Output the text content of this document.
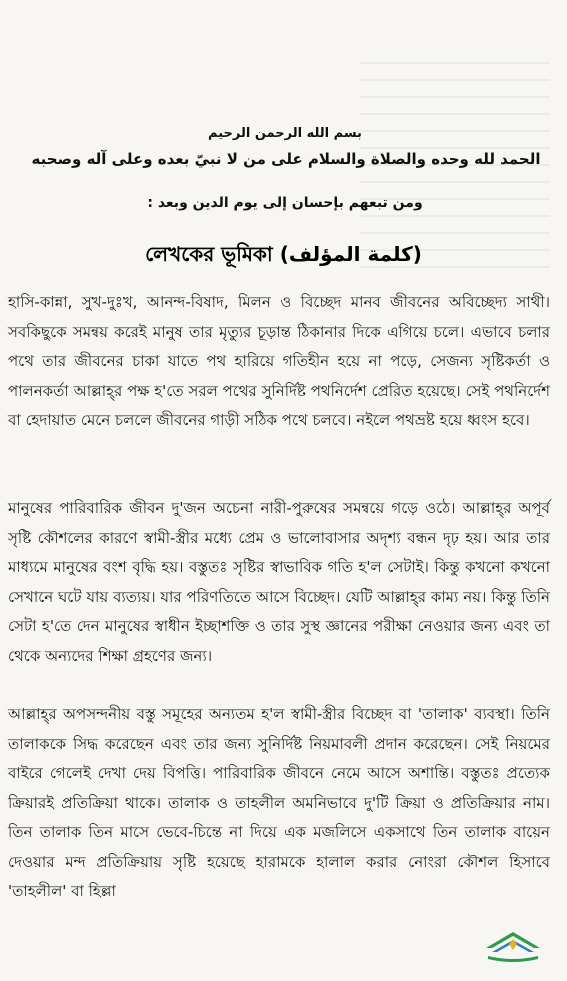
بسم الله الرحمن الرحيم
الحمد لله وحده والصلاة والسلام على من لا نبيّ بعده وعلى آله وصحبه
ومن تبعهم بإحسان إلى يوم الدين وبعد :
লেখকের ভূমিকা (كلمة المؤلف)

হাসি-কান্না, সুখ-দুঃখ, আনন্দ-বিষাদ, মিলন ও বিচ্ছেদ মানব জীবনের অবিচ্ছেদ্য সাথী। সবকিছুকে সমন্বয় করেই মানুষ তার মৃত্যুর চূড়ান্ত ঠিকানার দিকে এগিয়ে চলে। এভাবে চলার পথে তার জীবনের চাকা যাতে পথ হারিয়ে গতিহীন হয়ে না পড়ে, সেজন্য সৃষ্টিকর্তা ও পালনকর্তা আল্লাহ্‌র পক্ষ হ'তে সরল পথের সুনির্দিষ্ট পথনির্দেশ প্রেরিত হয়েছে। সেই পথনির্দেশ বা হেদায়াত মেনে চললে জীবনের গাড়ী সঠিক পথে চলবে। নইলে পথভ্রষ্ট হয়ে ধ্বংস হবে।

মানুষের পারিবারিক জীবন দু'জন অচেনা নারী-পুরুষের সমন্বয়ে গড়ে ওঠে। আল্লাহ্‌র অপূর্ব সৃষ্টি কৌশলের কারণে স্বামী-স্ত্রীর মধ্যে প্রেম ও ভালোবাসার অদৃশ্য বন্ধন দৃঢ় হয়। আর তার মাধ্যমে মানুষের বংশ বৃদ্ধি হয়। বস্তুতঃ সৃষ্টির স্বাভাবিক গতি হ'ল সেটাই। কিন্তু কখনো কখনো সেখানে ঘটে যায় ব্যত্যয়। যার পরিণতিতে আসে বিচ্ছেদ। যেটি আল্লাহ্‌র কাম্য নয়। কিন্তু তিনি সেটা হ'তে দেন মানুষের স্বাধীন ইচ্ছাশক্তি ও তার সুস্থ জ্ঞানের পরীক্ষা নেওয়ার জন্য এবং তা থেকে অন্যদের শিক্ষা গ্রহণের জন্য।

আল্লাহ্‌র অপসন্দনীয় বস্তু সমূহের অন্যতম হ'ল স্বামী-স্ত্রীর বিচ্ছেদ বা 'তালাক' ব্যবস্থা। তিনি তালাককে সিদ্ধ করেছেন এবং তার জন্য সুনির্দিষ্ট নিয়মাবলী প্রদান করেছেন। সেই নিয়মের বাইরে গেলেই দেখা দেয় বিপত্তি। পারিবারিক জীবনে নেমে আসে অশান্তি। বস্তুতঃ প্রত্যেক ক্রিয়ারই প্রতিক্রিয়া থাকে। তালাক ও তাহলীল অমনিভাবে দু'টি ক্রিয়া ও প্রতিক্রিয়ার নাম। তিন তালাক তিন মাসে ভেবে-চিন্তে না দিয়ে এক মজলিসে একসাথে তিন তালাক বায়েন দেওয়ার মন্দ প্রতিক্রিয়ায় সৃষ্টি হয়েছে হারামকে হালাল করার নোংরা কৌশল হিসাবে 'তাহলীল' বা হিল্লা
